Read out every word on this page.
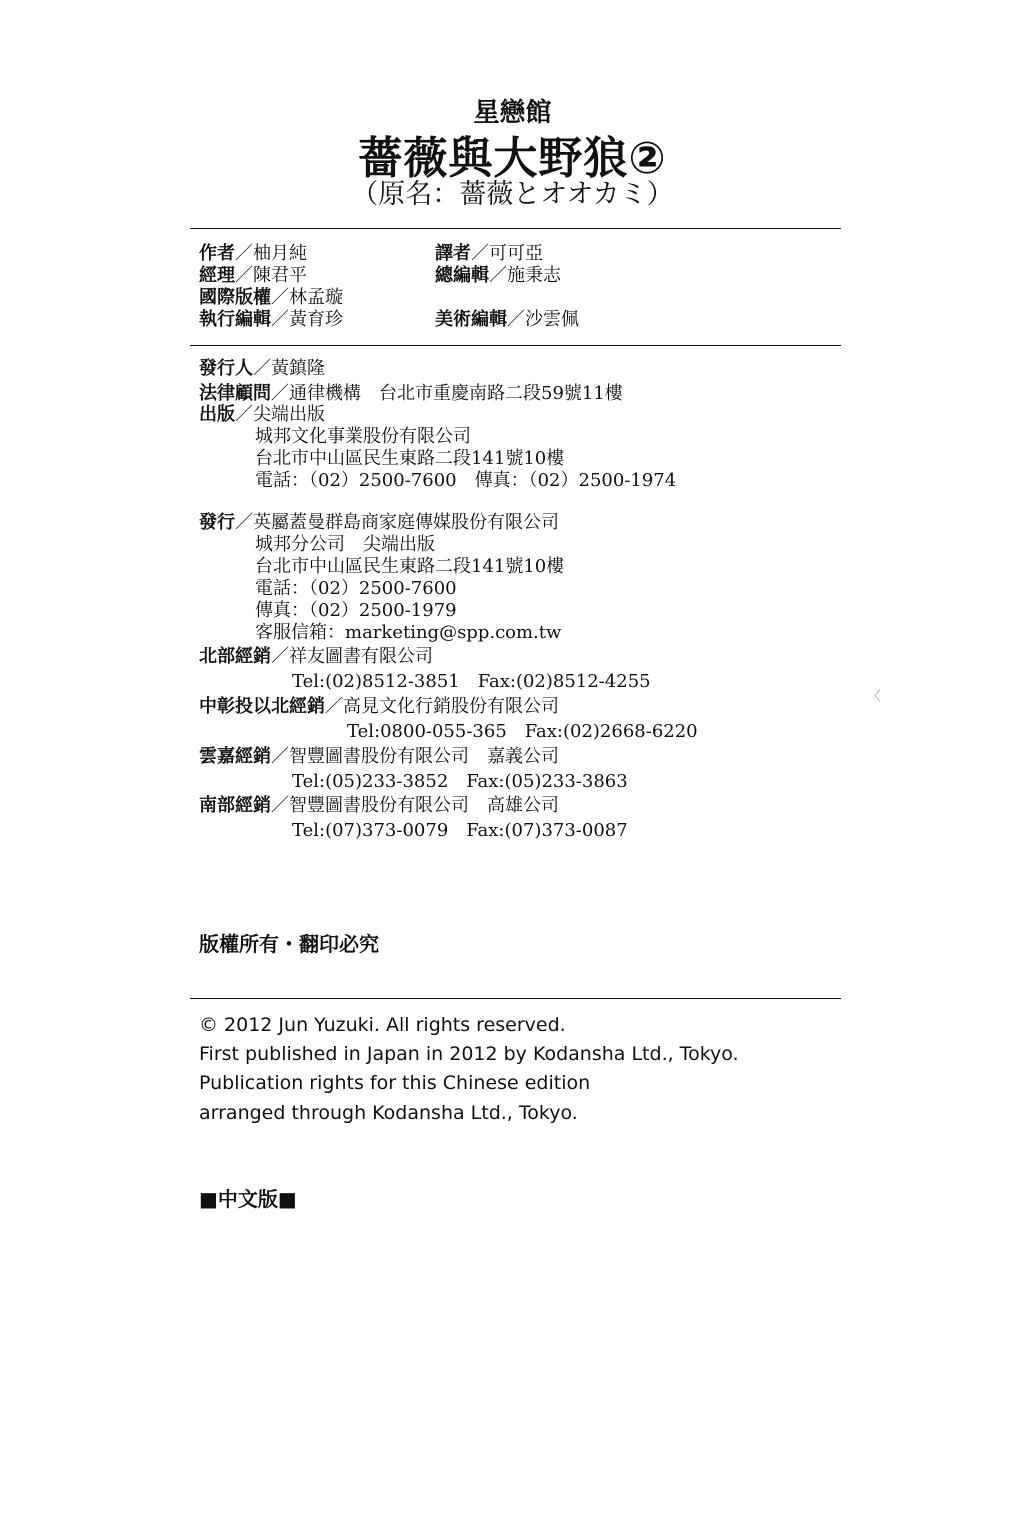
星戀館
薔薇與大野狼②
（原名：薔薇とオオカミ）
作者／柚月純	譯者／可可亞
經理／陳君平	總編輯／施秉志
國際版權／林孟璇
執行編輯／黃育珍	美術編輯／沙雲佩
發行人／黃鎮隆
法律顧問／通律機構　台北市重慶南路二段59號11樓
出版／尖端出版
城邦文化事業股份有限公司
台北市中山區民生東路二段141號10樓
電話：（02）2500-7600　傳真：（02）2500-1974
發行／英屬蓋曼群島商家庭傳媒股份有限公司
城邦分公司　尖端出版
台北市中山區民生東路二段141號10樓
電話：（02）2500-7600
傳真：（02）2500-1979
客服信箱：marketing@spp.com.tw
北部經銷／祥友圖書有限公司
Tel:(02)8512-3851　Fax:(02)8512-4255
中彰投以北經銷／高見文化行銷股份有限公司
Tel:0800-055-365　Fax:(02)2668-6220
雲嘉經銷／智豐圖書股份有限公司　嘉義公司
Tel:(05)233-3852　Fax:(05)233-3863
南部經銷／智豐圖書股份有限公司　高雄公司
Tel:(07)373-0079　Fax:(07)373-0087
版權所有・翻印必究
© 2012 Jun Yuzuki. All rights reserved.
First published in Japan in 2012 by Kodansha Ltd., Tokyo.
Publication rights for this Chinese edition
arranged through Kodansha Ltd., Tokyo.
■中文版■
〈
